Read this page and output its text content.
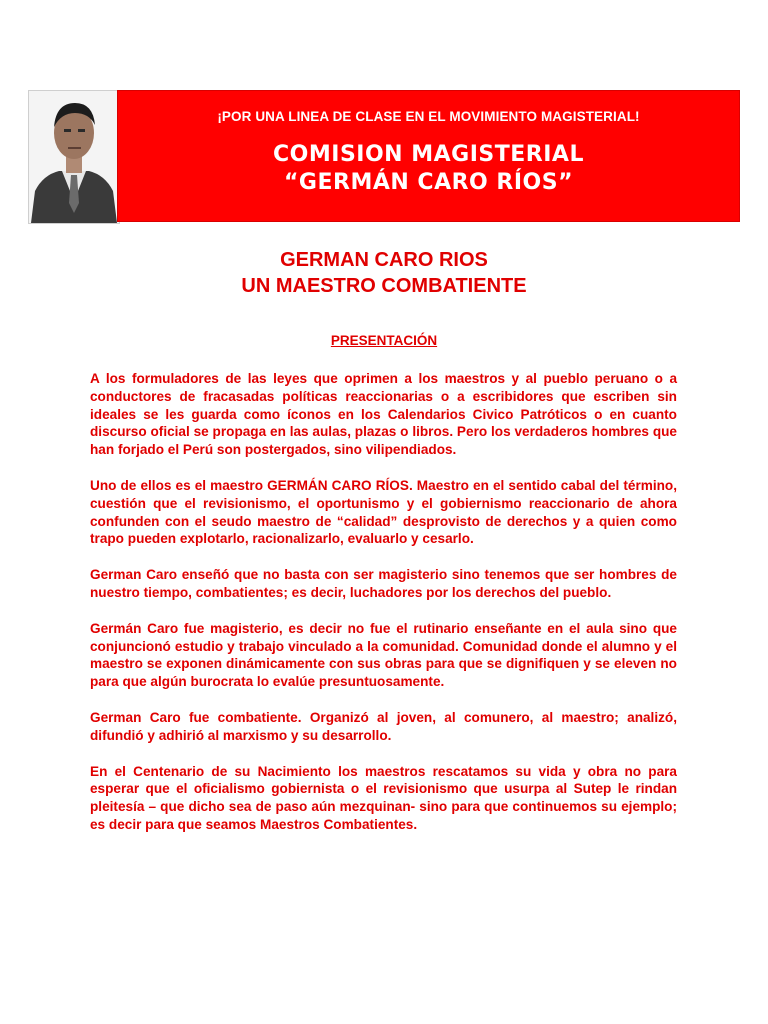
¡POR UNA LINEA DE CLASE EN EL MOVIMIENTO MAGISTERIAL!
COMISION MAGISTERIAL
“GERMÁN CARO RÍOS”
GERMAN CARO RIOS
UN MAESTRO COMBATIENTE
PRESENTACIÓN

A los formuladores de las leyes que oprimen a los maestros y al pueblo peruano o a conductores de fracasadas políticas reaccionarias o a escribidores que escriben sin ideales se les guarda como íconos en los Calendarios Civico Patróticos o en cuanto discurso oficial se propaga en las aulas, plazas o libros. Pero los verdaderos hombres que han forjado el Perú son postergados, sino vilipendiados.

Uno de ellos es el maestro GERMÁN CARO RÍOS. Maestro en el sentido cabal del término, cuestión que el revisionismo, el oportunismo y el gobiernismo reaccionario de ahora confunden con el seudo maestro de “calidad” desprovisto de derechos y a quien como trapo pueden explotarlo, racionalizarlo, evaluarlo y cesarlo.

German Caro enseñó que no basta con ser magisterio sino tenemos que ser hombres de nuestro tiempo, combatientes; es decir, luchadores por los derechos del pueblo.

Germán Caro fue magisterio, es decir no fue el rutinario enseñante en el aula sino que conjuncionó estudio y trabajo vinculado a la comunidad. Comunidad donde el alumno y el maestro se exponen dinámicamente con sus obras para que se dignifiquen y se eleven no para que algún burocrata lo evalúe presuntuosamente.

German Caro fue combatiente. Organizó al joven, al comunero, al maestro; analizó, difundió y adhirió al marxismo y su desarrollo.

En el Centenario de su Nacimiento los maestros rescatamos su vida y obra no para esperar que el oficialismo gobiernista o el revisionismo que usurpa al Sutep le rindan pleitesía – que dicho sea de paso aún mezquinan- sino para que continuemos su ejemplo; es decir para que seamos Maestros Combatientes.
